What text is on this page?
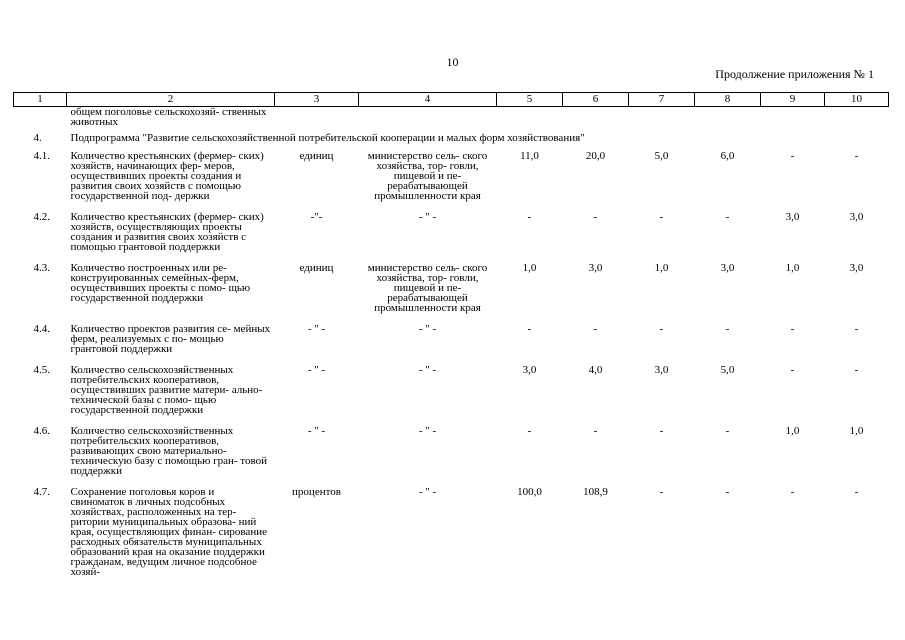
10
Продолжение приложения № 1
1	2	3	4	5	6	7	8	9	10
	общем поголовье сельскохозяй- ственных животных								
4.	Подпрограмма "Развитие сельскохозяйственной потребительской кооперации и малых форм хозяйствования"								
4.1.	Количество крестьянских (фермер- ских) хозяйств, начинающих фер- меров, осуществивших проекты создания и развития своих хозяйств с помощью государственной под- держки	единиц	министерство сель- ского хозяйства, тор- говли, пищевой и пе- рерабатывающей промышленности края	11,0	20,0	5,0	6,0	-	-
4.2.	Количество крестьянских (фермер- ских) хозяйств, осуществляющих проекты создания и развития своих хозяйств с помощью грантовой поддержки	-"-	- " -	-	-	-	-	3,0	3,0
4.3.	Количество построенных или ре- конструированных семейных-ферм, осуществивших проекты с помо- щью государственной поддержки	единиц	министерство сель- ского хозяйства, тор- говли, пищевой и пе- рерабатывающей промышленности края	1,0	3,0	1,0	3,0	1,0	3,0
4.4.	Количество проектов развития се- мейных ферм, реализуемых с по- мощью грантовой поддержки	- " -	- " -	-	-	-	-	-	-
4.5.	Количество сельскохозяйственных потребительских кооперативов, осуществивших развитие матери- ально-технической базы с помо- щью государственной поддержки	- " -	- " -	3,0	4,0	3,0	5,0	-	-
4.6.	Количество сельскохозяйственных потребительских кооперативов, развивающих свою материально- техническую базу с помощью гран- товой поддержки	- " -	- " -	-	-	-	-	1,0	1,0
4.7.	Сохранение поголовья коров и свиноматок в личных подсобных хозяйствах, расположенных на тер- ритории муниципальных образова- ний края, осуществляющих финан- сирование расходных обязательств муниципальных образований края на оказание поддержки гражданам, ведущим личное подсобное хозяй-	процентов	- " -	100,0	108,9	-	-	-	-
